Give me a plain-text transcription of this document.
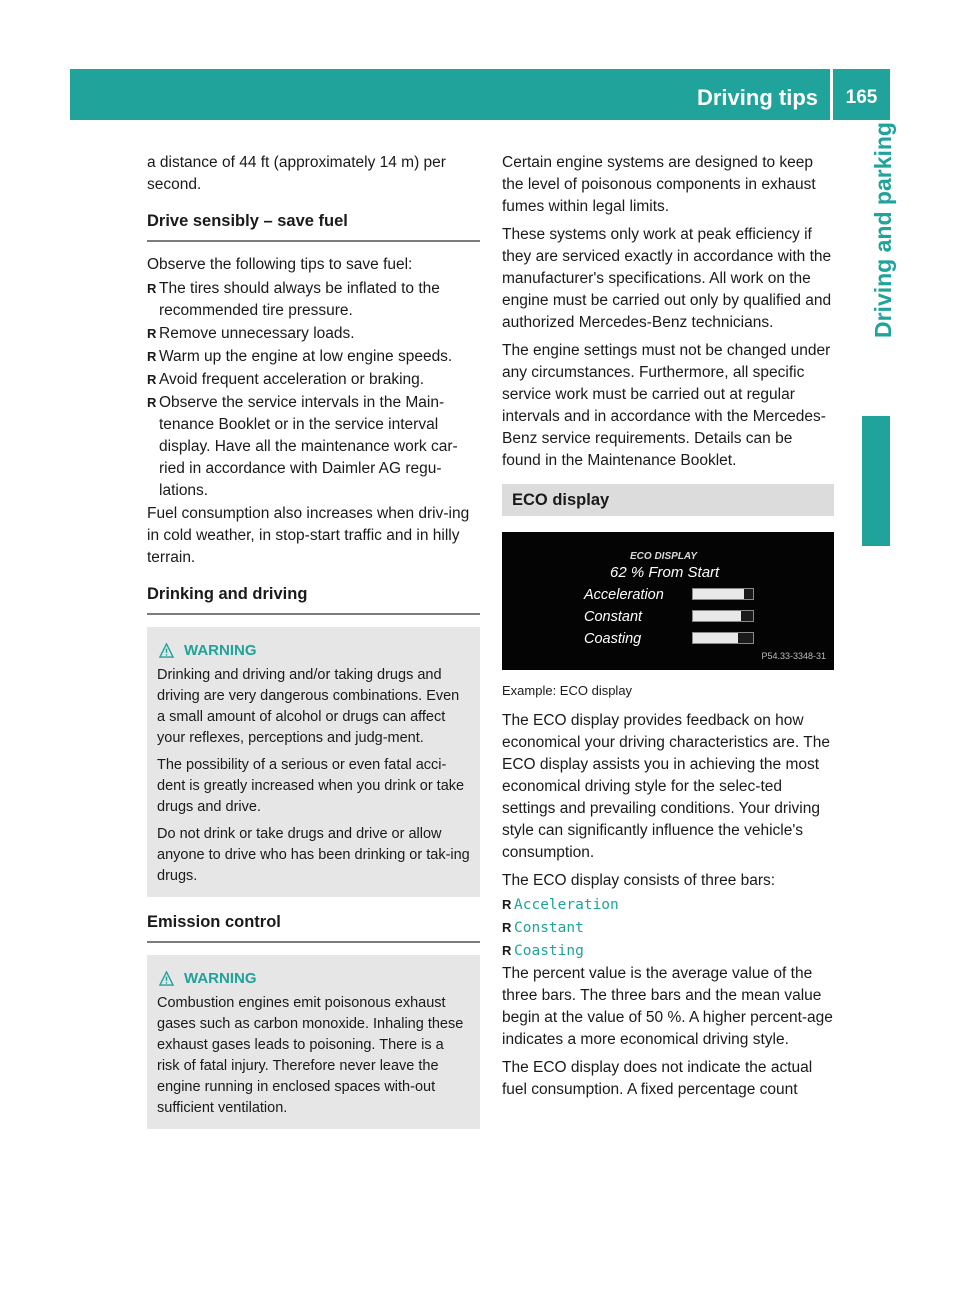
Driving tips	165
Driving and parking

a distance of 44 ft (approximately 14 m) per second.

Drive sensibly – save fuel

Observe the following tips to save fuel:

R The tires should always be inflated to the recommended tire pressure.
R Remove unnecessary loads.
R Warm up the engine at low engine speeds.
R Avoid frequent acceleration or braking.
R Observe the service intervals in the Main-tenance Booklet or in the service interval display. Have all the maintenance work car-ried in accordance with Daimler AG regu-lations.

Fuel consumption also increases when driv-ing in cold weather, in stop-start traffic and in hilly terrain.

Drinking and driving
WARNING

Drinking and driving and/or taking drugs and driving are very dangerous combinations. Even a small amount of alcohol or drugs can affect your reflexes, perceptions and judg-ment.

The possibility of a serious or even fatal acci-dent is greatly increased when you drink or take drugs and drive.

Do not drink or take drugs and drive or allow anyone to drive who has been drinking or tak-ing drugs.

Emission control
WARNING

Combustion engines emit poisonous exhaust gases such as carbon monoxide. Inhaling these exhaust gases leads to poisoning. There is a risk of fatal injury. Therefore never leave the engine running in enclosed spaces with-out sufficient ventilation.

Certain engine systems are designed to keep the level of poisonous components in exhaust fumes within legal limits.

These systems only work at peak efficiency if they are serviced exactly in accordance with the manufacturer's specifications. All work on the engine must be carried out only by qualified and authorized Mercedes-Benz technicians.

The engine settings must not be changed under any circumstances. Furthermore, all specific service work must be carried out at regular intervals and in accordance with the Mercedes-Benz service requirements. Details can be found in the Maintenance Booklet.

ECO display
ECO DISPLAY
62 % From Start
Acceleration
Constant
Coasting
P54.33-3348-31
Example: ECO display

The ECO display provides feedback on how economical your driving characteristics are. The ECO display assists you in achieving the most economical driving style for the selec-ted settings and prevailing conditions. Your driving style can significantly influence the vehicle's consumption.

The ECO display consists of three bars:

R Acceleration
R Constant
R Coasting

The percent value is the average value of the three bars. The three bars and the mean value begin at the value of 50 %. A higher percent-age indicates a more economical driving style.

The ECO display does not indicate the actual fuel consumption. A fixed percentage count
